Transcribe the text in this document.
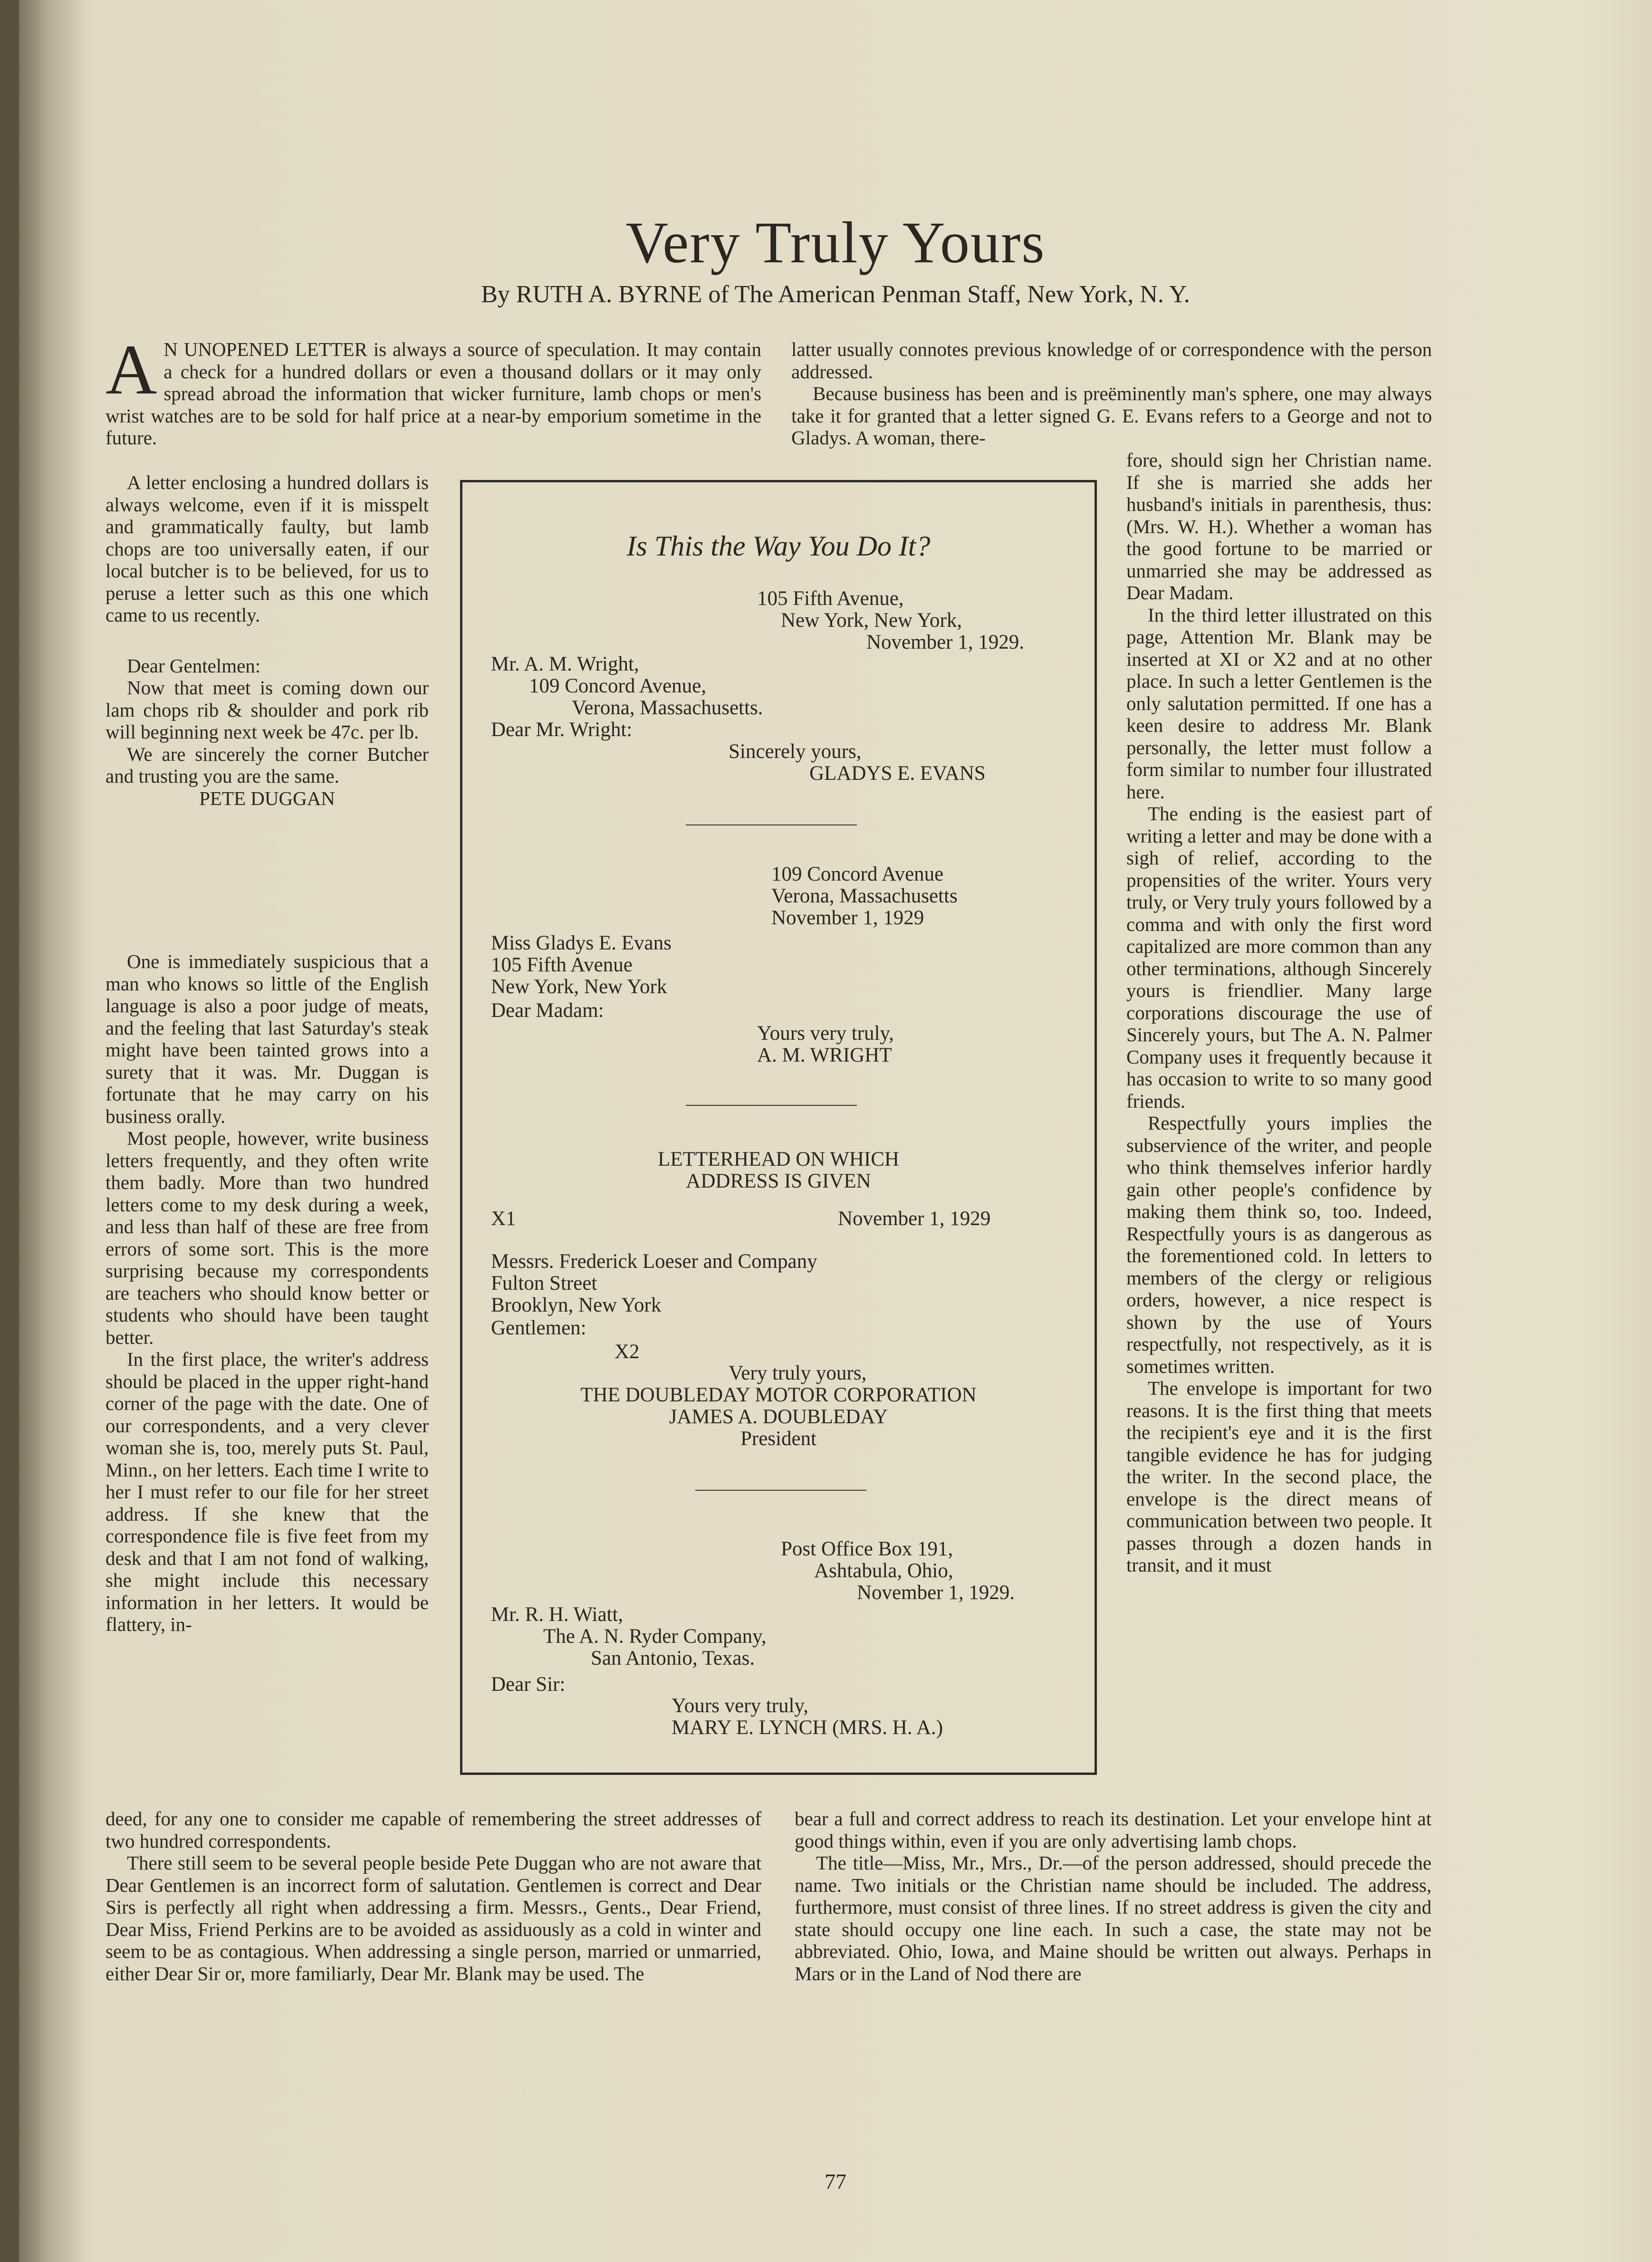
Very Truly Yours
By RUTH A. BYRNE of The American Penman Staff, New York, N. Y.

A N UNOPENED LETTER is always a source of speculation. It may contain a check for a hundred dollars or even a thousand dollars or it may only spread abroad the information that wicker furniture, lamb chops or men's wrist watches are to be sold for half price at a near-by emporium sometime in the future.

A letter enclosing a hundred dollars is always welcome, even if it is misspelt and grammatically faulty, but lamb chops are too universally eaten, if our local butcher is to be believed, for us to peruse a letter such as this one which came to us recently.

Dear Gentelmen:

Now that meet is coming down our lam chops rib & shoulder and pork rib will beginning next week be 47c. per lb.

We are sincerely the corner Butcher and trusting you are the same.

PETE DUGGAN

One is immediately suspicious that a man who knows so little of the English language is also a poor judge of meats, and the feeling that last Saturday's steak might have been tainted grows into a surety that it was. Mr. Duggan is fortunate that he may carry on his business orally.

Most people, however, write business letters frequently, and they often write them badly. More than two hundred letters come to my desk during a week, and less than half of these are free from errors of some sort. This is the more surprising because my correspondents are teachers who should know better or students who should have been taught better.

In the first place, the writer's address should be placed in the upper right-hand corner of the page with the date. One of our correspondents, and a very clever woman she is, too, merely puts St. Paul, Minn., on her letters. Each time I write to her I must refer to our file for her street address. If she knew that the correspondence file is five feet from my desk and that I am not fond of walking, she might include this necessary information in her letters. It would be flattery, in-

deed, for any one to consider me capable of remembering the street addresses of two hundred correspondents.

There still seem to be several people beside Pete Duggan who are not aware that Dear Gentlemen is an incorrect form of salutation. Gentlemen is correct and Dear Sirs is perfectly all right when addressing a firm. Messrs., Gents., Dear Friend, Dear Miss, Friend Perkins are to be avoided as assiduously as a cold in winter and seem to be as contagious. When addressing a single person, married or unmarried, either Dear Sir or, more familiarly, Dear Mr. Blank may be used. The

latter usually connotes previous knowledge of or correspondence with the person addressed.

Because business has been and is preëminently man's sphere, one may always take it for granted that a letter signed G. E. Evans refers to a George and not to Gladys. A woman, there-

fore, should sign her Christian name. If she is married she adds her husband's initials in parenthesis, thus: (Mrs. W. H.). Whether a woman has the good fortune to be married or unmarried she may be addressed as Dear Madam.

In the third letter illustrated on this page, Attention Mr. Blank may be inserted at XI or X2 and at no other place. In such a letter Gentlemen is the only salutation permitted. If one has a keen desire to address Mr. Blank personally, the letter must follow a form similar to number four illustrated here.

The ending is the easiest part of writing a letter and may be done with a sigh of relief, according to the propensities of the writer. Yours very truly, or Very truly yours followed by a comma and with only the first word capitalized are more common than any other terminations, although Sincerely yours is friendlier. Many large corporations discourage the use of Sincerely yours, but The A. N. Palmer Company uses it frequently because it has occasion to write to so many good friends.

Respectfully yours implies the subservience of the writer, and people who think themselves inferior hardly gain other people's confidence by making them think so, too. Indeed, Respectfully yours is as dangerous as the forementioned cold. In letters to members of the clergy or religious orders, however, a nice respect is shown by the use of Yours respectfully, not respectively, as it is sometimes written.

The envelope is important for two reasons. It is the first thing that meets the recipient's eye and it is the first tangible evidence he has for judging the writer. In the second place, the envelope is the direct means of communication between two people. It passes through a dozen hands in transit, and it must

bear a full and correct address to reach its destination. Let your envelope hint at good things within, even if you are only advertising lamb chops.

The title—Miss, Mr., Mrs., Dr.—of the person addressed, should precede the name. Two initials or the Christian name should be included. The address, furthermore, must consist of three lines. If no street address is given the city and state should occupy one line each. In such a case, the state may not be abbreviated. Ohio, Iowa, and Maine should be written out always. Perhaps in Mars or in the Land of Nod there are

Is This the Way You Do It?
105 Fifth Avenue,
New York, New York,
November 1, 1929.
Mr. A. M. Wright,
109 Concord Avenue,
Verona, Massachusetts.
Dear Mr. Wright:
Sincerely yours,
GLADYS E. EVANS
109 Concord Avenue
Verona, Massachusetts
November 1, 1929
Miss Gladys E. Evans
105 Fifth Avenue
New York, New York
Dear Madam:
Yours very truly,
A. M. WRIGHT
LETTERHEAD ON WHICH
ADDRESS IS GIVEN
X1	November 1, 1929
Messrs. Frederick Loeser and Company
Fulton Street
Brooklyn, New York
Gentlemen:
X2
Very truly yours,
THE DOUBLEDAY MOTOR CORPORATION
JAMES A. DOUBLEDAY
President
Post Office Box 191,
Ashtabula, Ohio,
November 1, 1929.
Mr. R. H. Wiatt,
The A. N. Ryder Company,
San Antonio, Texas.
Dear Sir:
Yours very truly,
MARY E. LYNCH (MRS. H. A.)
77
